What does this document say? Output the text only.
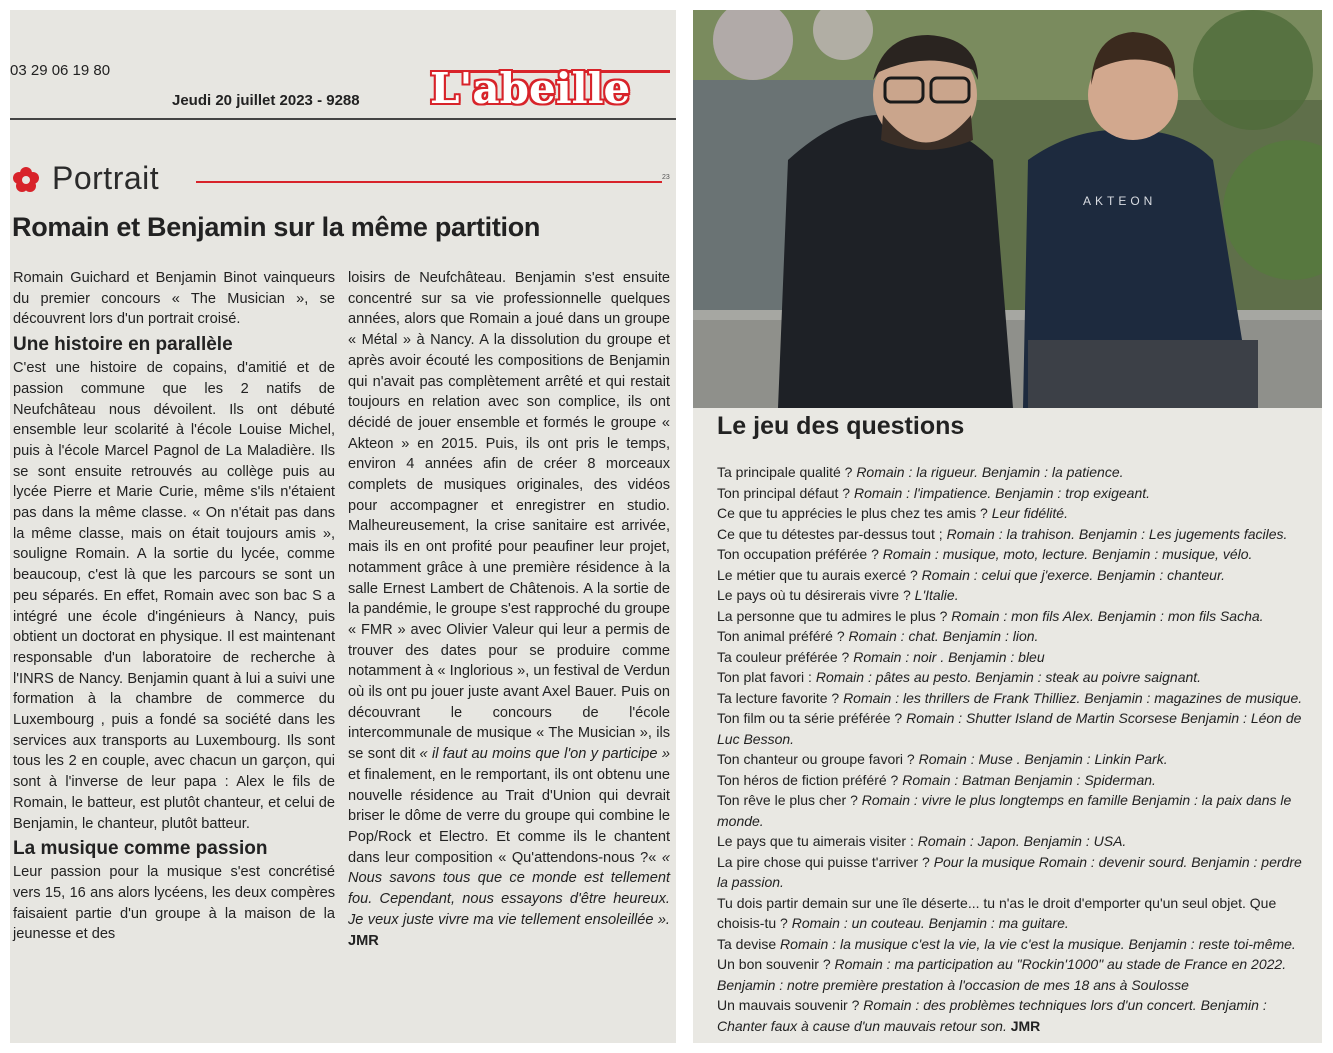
03 29 06 19 80
Jeudi 20 juillet 2023 - 9288 L'abeille
Portrait	23
Romain et Benjamin sur la même partition

Romain Guichard et Benjamin Binot vainqueurs du premier concours « The Musician », se découvrent lors d'un portrait croisé.

Une histoire en parallèle

C'est une histoire de copains, d'amitié et de passion commune que les 2 natifs de Neufchâteau nous dévoilent. Ils ont débuté ensemble leur scolarité à l'école Louise Michel, puis à l'école Marcel Pagnol de La Maladière. Ils se sont ensuite retrouvés au collège puis au lycée Pierre et Marie Curie, même s'ils n'étaient pas dans la même classe. « On n'était pas dans la même classe, mais on était toujours amis », souligne Romain. A la sortie du lycée, comme beaucoup, c'est là que les parcours se sont un peu séparés. En effet, Romain avec son bac S a intégré une école d'ingénieurs à Nancy, puis obtient un doctorat en physique. Il est maintenant responsable d'un laboratoire de recherche à l'INRS de Nancy. Benjamin quant à lui a suivi une formation à la chambre de commerce du Luxembourg , puis a fondé sa société dans les services aux transports au Luxembourg. Ils sont tous les 2 en couple, avec chacun un garçon, qui sont à l'inverse de leur papa : Alex le fils de Romain, le batteur, est plutôt chanteur, et celui de Benjamin, le chanteur, plutôt batteur.

La musique comme passion

Leur passion pour la musique s'est concrétisé vers 15, 16 ans alors lycéens, les deux compères faisaient partie d'un groupe à la maison de la jeunesse et des

loisirs de Neufchâteau. Benjamin s'est ensuite concentré sur sa vie professionnelle quelques années, alors que Romain a joué dans un groupe « Métal » à Nancy. A la dissolution du groupe et après avoir écouté les compositions de Benjamin qui n'avait pas complètement arrêté et qui restait toujours en relation avec son complice, ils ont décidé de jouer ensemble et formés le groupe « Akteon » en 2015. Puis, ils ont pris le temps, environ 4 années afin de créer 8 morceaux complets de musiques originales, des vidéos pour accompagner et enregistrer en studio. Malheureusement, la crise sanitaire est arrivée, mais ils en ont profité pour peaufiner leur projet, notamment grâce à une première résidence à la salle Ernest Lambert de Châtenois. A la sortie de la pandémie, le groupe s'est rapproché du groupe « FMR » avec Olivier Valeur qui leur a permis de trouver des dates pour se produire comme notamment à « Inglorious », un festival de Verdun où ils ont pu jouer juste avant Axel Bauer. Puis on découvrant le concours de l'école intercommunale de musique « The Musician », ils se sont dit « il faut au moins que l'on y participe » et finalement, en le remportant, ils ont obtenu une nouvelle résidence au Trait d'Union qui devrait briser le dôme de verre du groupe qui combine le Pop/Rock et Electro. Et comme ils le chantent dans leur composition « Qu'attendons-nous ?« « Nous savons tous que ce monde est tellement fou. Cependant, nous essayons d'être heureux. Je veux juste vivre ma vie tellement ensoleillée ». JMR

AKTEON
Le jeu des questions

Ta principale qualité ? Romain : la rigueur. Benjamin : la patience.

Ton principal défaut ? Romain : l'impatience. Benjamin : trop exigeant.

Ce que tu apprécies le plus chez tes amis ? Leur fidélité.

Ce que tu détestes par-dessus tout ; Romain : la trahison. Benjamin : Les jugements faciles.

Ton occupation préférée ? Romain : musique, moto, lecture. Benjamin : musique, vélo.

Le métier que tu aurais exercé ? Romain : celui que j'exerce. Benjamin : chanteur.

Le pays où tu désirerais vivre ? L'Italie.

La personne que tu admires le plus ? Romain : mon fils Alex. Benjamin : mon fils Sacha.

Ton animal préféré ? Romain : chat. Benjamin : lion.

Ta couleur préférée ? Romain : noir . Benjamin : bleu

Ton plat favori : Romain : pâtes au pesto. Benjamin : steak au poivre saignant.

Ta lecture favorite ? Romain : les thrillers de Frank Thilliez. Benjamin : magazines de musique.

Ton film ou ta série préférée ? Romain : Shutter Island de Martin Scorsese Benjamin : Léon de Luc Besson.

Ton chanteur ou groupe favori ? Romain : Muse . Benjamin : Linkin Park.

Ton héros de fiction préféré ? Romain : Batman Benjamin : Spiderman.

Ton rêve le plus cher ? Romain : vivre le plus longtemps en famille Benjamin : la paix dans le monde.

Le pays que tu aimerais visiter : Romain : Japon. Benjamin : USA.

La pire chose qui puisse t'arriver ? Pour la musique Romain : devenir sourd. Benjamin : perdre la passion.

Tu dois partir demain sur une île déserte... tu n'as le droit d'emporter qu'un seul objet. Que choisis-tu ? Romain : un couteau. Benjamin : ma guitare.

Ta devise Romain : la musique c'est la vie, la vie c'est la musique. Benjamin : reste toi-même.

Un bon souvenir ? Romain : ma participation au "Rockin'1000" au stade de France en 2022. Benjamin : notre première prestation à l'occasion de mes 18 ans à Soulosse

Un mauvais souvenir ? Romain : des problèmes techniques lors d'un concert. Benjamin : Chanter faux à cause d'un mauvais retour son. JMR
